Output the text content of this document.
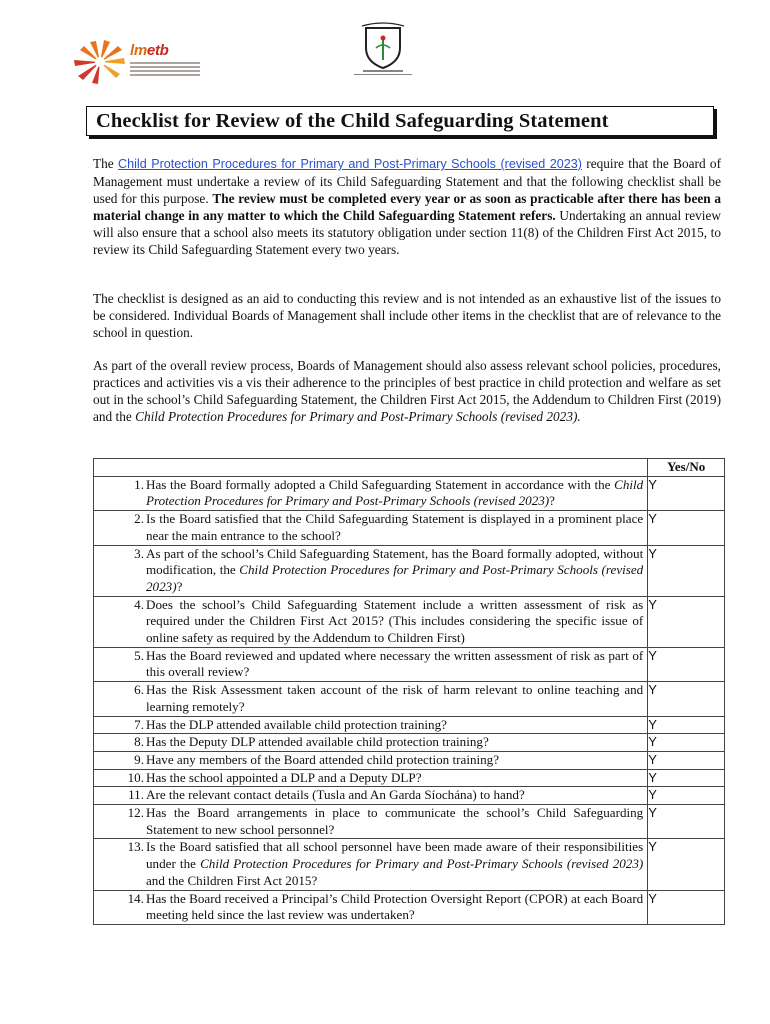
lmetb
Checklist for Review of the Child Safeguarding Statement

The Child Protection Procedures for Primary and Post-Primary Schools (revised 2023) require that the Board of Management must undertake a review of its Child Safeguarding Statement and that the following checklist shall be used for this purpose. The review must be completed every year or as soon as practicable after there has been a material change in any matter to which the Child Safeguarding Statement refers. Undertaking an annual review will also ensure that a school also meets its statutory obligation under section 11(8) of the Children First Act 2015, to review its Child Safeguarding Statement every two years.

The checklist is designed as an aid to conducting this review and is not intended as an exhaustive list of the issues to be considered. Individual Boards of Management shall include other items in the checklist that are of relevance to the school in question.

As part of the overall review process, Boards of Management should also assess relevant school policies, procedures, practices and activities vis a vis their adherence to the principles of best practice in child protection and welfare as set out in the school’s Child Safeguarding Statement, the Children First Act 2015, the Addendum to Children First (2019) and the Child Protection Procedures for Primary and Post-Primary Schools (revised 2023).

	Yes/No

1. Has the Board formally adopted a Child Safeguarding Statement in accordance with the Child Protection Procedures for Primary and Post-Primary Schools (revised 2023)?	Y

2. Is the Board satisfied that the Child Safeguarding Statement is displayed in a prominent place near the main entrance to the school?	Y

3. As part of the school’s Child Safeguarding Statement, has the Board formally adopted, without modification, the Child Protection Procedures for Primary and Post-Primary Schools (revised 2023)?	Y

4. Does the school’s Child Safeguarding Statement include a written assessment of risk as required under the Children First Act 2015? (This includes considering the specific issue of online safety as required by the Addendum to Children First)	Y

5. Has the Board reviewed and updated where necessary the written assessment of risk as part of this overall review?	Y

6. Has the Risk Assessment taken account of the risk of harm relevant to online teaching and learning remotely?	Y

7. Has the DLP attended available child protection training?	Y

8. Has the Deputy DLP attended available child protection training?	Y

9. Have any members of the Board attended child protection training?	Y

10. Has the school appointed a DLP and a Deputy DLP?	Y

11. Are the relevant contact details (Tusla and An Garda Síochána) to hand?	Y

12. Has the Board arrangements in place to communicate the school’s Child Safeguarding Statement to new school personnel?	Y

13. Is the Board satisfied that all school personnel have been made aware of their responsibilities under the Child Protection Procedures for Primary and Post-Primary Schools (revised 2023) and the Children First Act 2015?	Y

14. Has the Board received a Principal’s Child Protection Oversight Report (CPOR) at each Board meeting held since the last review was undertaken?	Y
